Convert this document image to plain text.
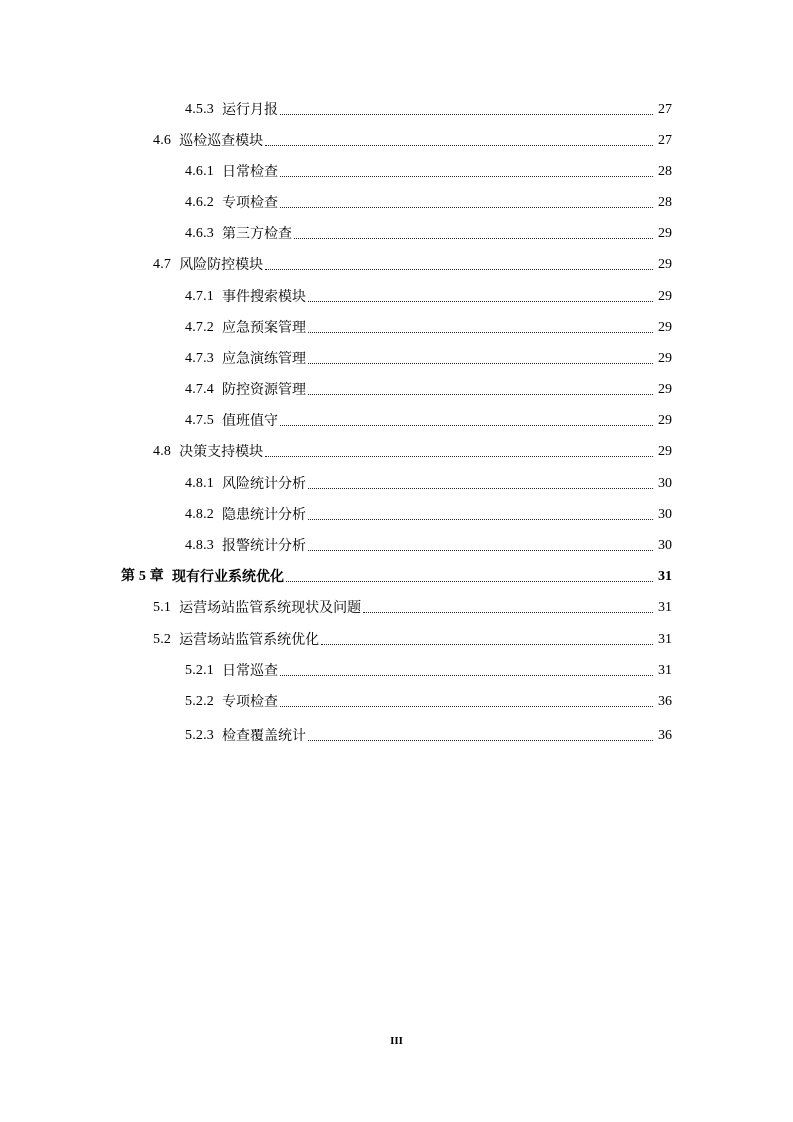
4.5.3 运行月报	27
4.6 巡检巡查模块	27
4.6.1 日常检查	28
4.6.2 专项检查	28
4.6.3 第三方检查	29
4.7 风险防控模块	29
4.7.1 事件搜索模块	29
4.7.2 应急预案管理	29
4.7.3 应急演练管理	29
4.7.4 防控资源管理	29
4.7.5 值班值守	29
4.8 决策支持模块	29
4.8.1 风险统计分析	30
4.8.2 隐患统计分析	30
4.8.3 报警统计分析	30
第 5 章 现有行业系统优化	31
5.1 运营场站监管系统现状及问题	31
5.2 运营场站监管系统优化	31
5.2.1 日常巡查	31
5.2.2 专项检查	36
5.2.3 检查覆盖统计	36
III
